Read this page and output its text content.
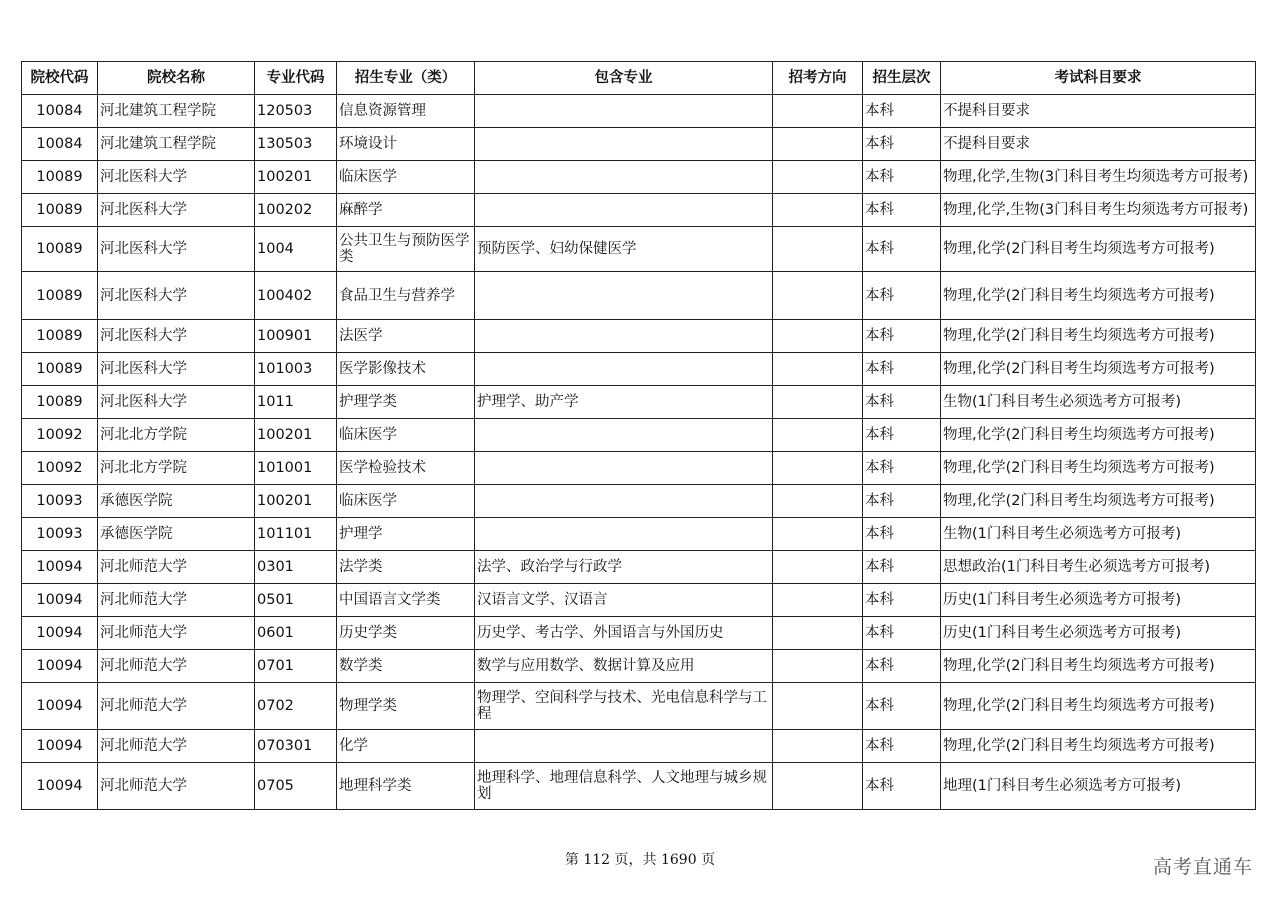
院校代码	院校名称	专业代码	招生专业（类）	包含专业	招考方向	招生层次	考试科目要求
10084	河北建筑工程学院	120503	信息资源管理			本科	不提科目要求
10084	河北建筑工程学院	130503	环境设计			本科	不提科目要求
10089	河北医科大学	100201	临床医学			本科	物理,化学,生物(3门科目考生均须选考方可报考)
10089	河北医科大学	100202	麻醉学			本科	物理,化学,生物(3门科目考生均须选考方可报考)
10089	河北医科大学	1004	公共卫生与预防医学类	预防医学、妇幼保健医学		本科	物理,化学(2门科目考生均须选考方可报考)
10089	河北医科大学	100402	食品卫生与营养学			本科	物理,化学(2门科目考生均须选考方可报考)
10089	河北医科大学	100901	法医学			本科	物理,化学(2门科目考生均须选考方可报考)
10089	河北医科大学	101003	医学影像技术			本科	物理,化学(2门科目考生均须选考方可报考)
10089	河北医科大学	1011	护理学类	护理学、助产学		本科	生物(1门科目考生必须选考方可报考)
10092	河北北方学院	100201	临床医学			本科	物理,化学(2门科目考生均须选考方可报考)
10092	河北北方学院	101001	医学检验技术			本科	物理,化学(2门科目考生均须选考方可报考)
10093	承德医学院	100201	临床医学			本科	物理,化学(2门科目考生均须选考方可报考)
10093	承德医学院	101101	护理学			本科	生物(1门科目考生必须选考方可报考)
10094	河北师范大学	0301	法学类	法学、政治学与行政学		本科	思想政治(1门科目考生必须选考方可报考)
10094	河北师范大学	0501	中国语言文学类	汉语言文学、汉语言		本科	历史(1门科目考生必须选考方可报考)
10094	河北师范大学	0601	历史学类	历史学、考古学、外国语言与外国历史		本科	历史(1门科目考生必须选考方可报考)
10094	河北师范大学	0701	数学类	数学与应用数学、数据计算及应用		本科	物理,化学(2门科目考生均须选考方可报考)
10094	河北师范大学	0702	物理学类	物理学、空间科学与技术、光电信息科学与工程		本科	物理,化学(2门科目考生均须选考方可报考)
10094	河北师范大学	070301	化学			本科	物理,化学(2门科目考生均须选考方可报考)
10094	河北师范大学	0705	地理科学类	地理科学、地理信息科学、人文地理与城乡规划		本科	地理(1门科目考生必须选考方可报考)
第 112 页，共 1690 页	高考直通车
